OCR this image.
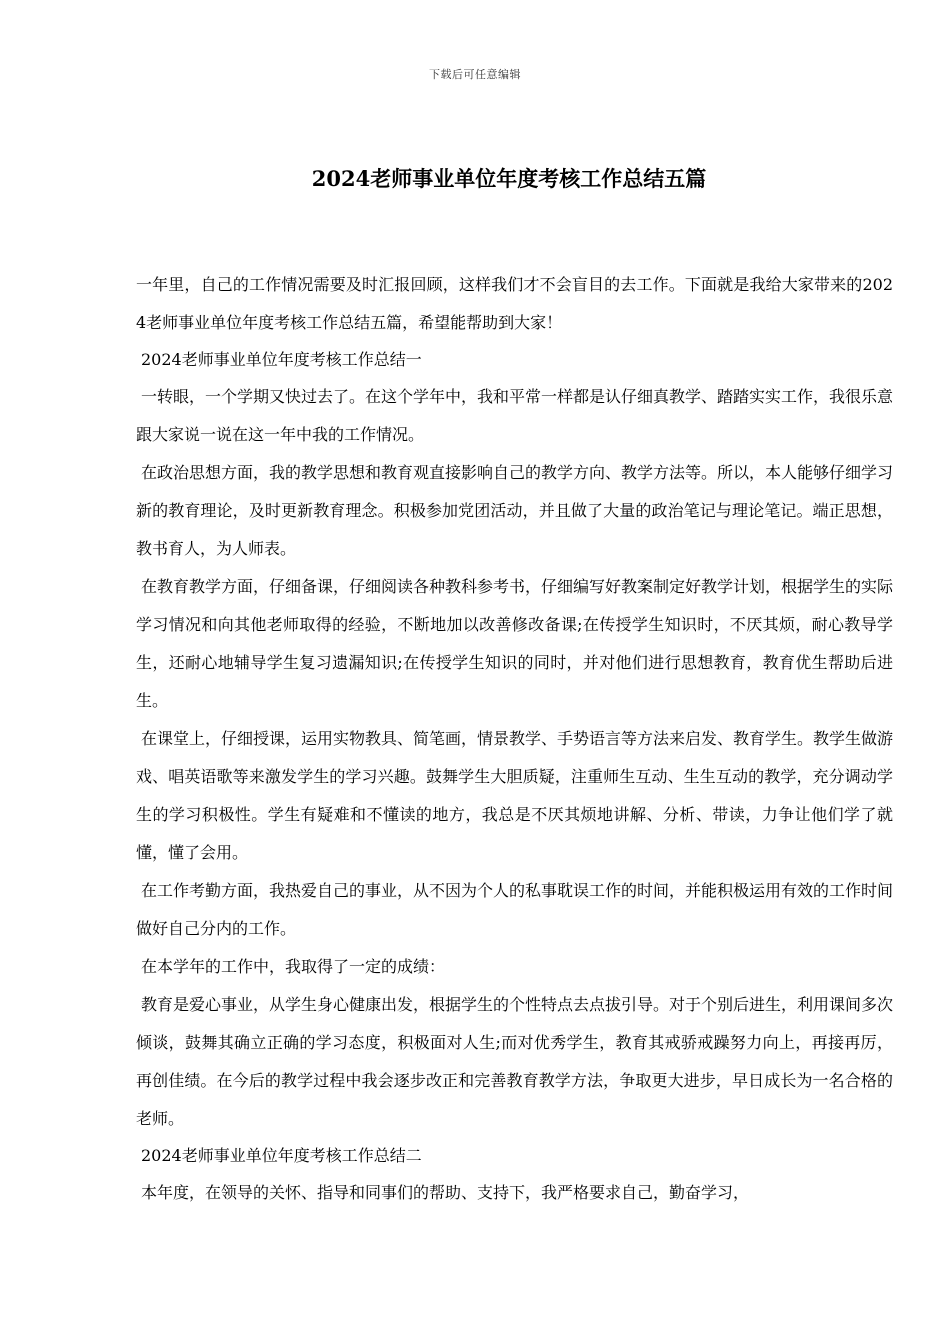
下载后可任意编辑
2024老师事业单位年度考核工作总结五篇

一年里，自己的工作情况需要及时汇报回顾，这样我们才不会盲目的去工作。下面就是我给大家带来的2024老师事业单位年度考核工作总结五篇，希望能帮助到大家！

2024老师事业单位年度考核工作总结一

一转眼，一个学期又快过去了。在这个学年中，我和平常一样都是认仔细真教学、踏踏实实工作，我很乐意跟大家说一说在这一年中我的工作情况。

在政治思想方面，我的教学思想和教育观直接影响自己的教学方向、教学方法等。所以，本人能够仔细学习新的教育理论，及时更新教育理念。积极参加党团活动，并且做了大量的政治笔记与理论笔记。端正思想，教书育人，为人师表。

在教育教学方面，仔细备课，仔细阅读各种教科参考书，仔细编写好教案制定好教学计划，根据学生的实际学习情况和向其他老师取得的经验，不断地加以改善修改备课;在传授学生知识时，不厌其烦，耐心教导学生，还耐心地辅导学生复习遗漏知识;在传授学生知识的同时，并对他们进行思想教育，教育优生帮助后进生。

在课堂上，仔细授课，运用实物教具、简笔画，情景教学、手势语言等方法来启发、教育学生。教学生做游戏、唱英语歌等来激发学生的学习兴趣。鼓舞学生大胆质疑，注重师生互动、生生互动的教学，充分调动学生的学习积极性。学生有疑难和不懂读的地方，我总是不厌其烦地讲解、分析、带读，力争让他们学了就懂，懂了会用。

在工作考勤方面，我热爱自己的事业，从不因为个人的私事耽误工作的时间，并能积极运用有效的工作时间做好自己分内的工作。

在本学年的工作中，我取得了一定的成绩：

教育是爱心事业，从学生身心健康出发，根据学生的个性特点去点拔引导。对于个别后进生，利用课间多次倾谈，鼓舞其确立正确的学习态度，积极面对人生;而对优秀学生，教育其戒骄戒躁努力向上，再接再厉，再创佳绩。在今后的教学过程中我会逐步改正和完善教育教学方法，争取更大进步，早日成长为一名合格的老师。

2024老师事业单位年度考核工作总结二

本年度，在领导的关怀、指导和同事们的帮助、支持下，我严格要求自己，勤奋学习，
